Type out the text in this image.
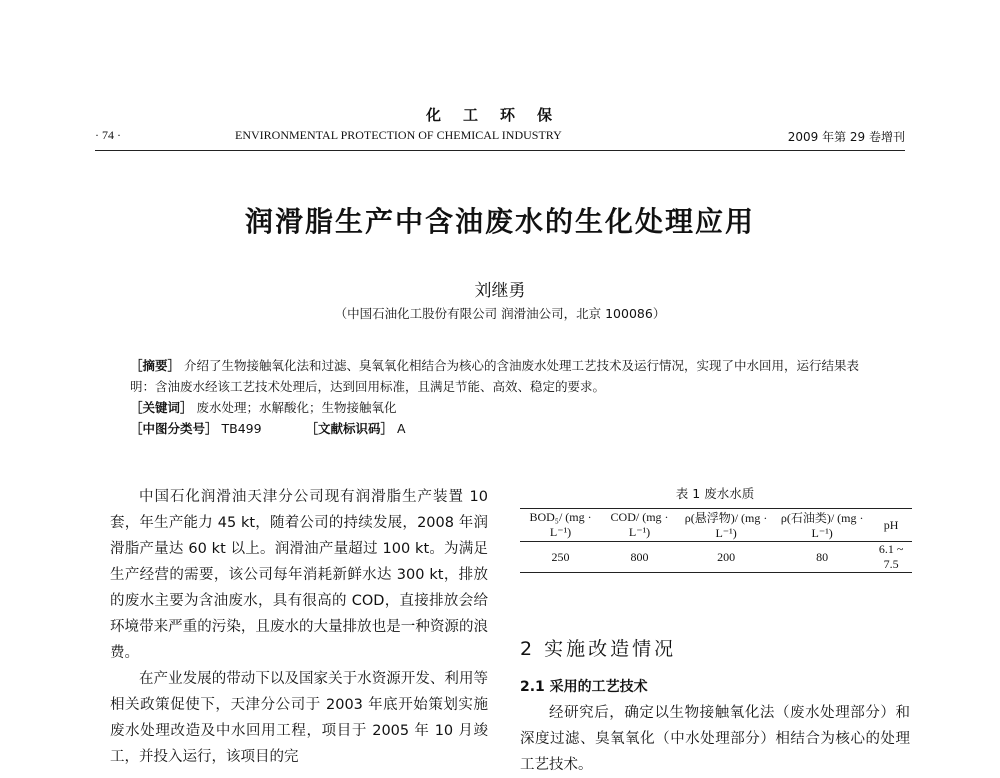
化工环保
· 74 ·	ENVIRONMENTAL PROTECTION OF CHEMICAL INDUSTRY	2009 年第 29 卷增刊
润滑脂生产中含油废水的生化处理应用
刘继勇
（中国石油化工股份有限公司 润滑油公司，北京 100086）
［摘要］ 介绍了生物接触氧化法和过滤、臭氧氧化相结合为核心的含油废水处理工艺技术及运行情况，实现了中水回用，运行结果表明：含油废水经该工艺技术处理后，达到回用标准，且满足节能、高效、稳定的要求。
［关键词］ 废水处理；水解酸化；生物接触氧化
［中图分类号］ TB499	［文献标识码］ A

中国石化润滑油天津分公司现有润滑脂生产装置 10 套，年生产能力 45 kt，随着公司的持续发展，2008 年润滑脂产量达 60 kt 以上。润滑油产量超过 100 kt。为满足生产经营的需要，该公司每年消耗新鲜水达 300 kt，排放的废水主要为含油废水，具有很高的 COD，直接排放会给环境带来严重的污染，且废水的大量排放也是一种资源的浪费。

在产业发展的带动下以及国家关于水资源开发、利用等相关政策促使下，天津分公司于 2003 年底开始策划实施废水处理改造及中水回用工程，项目于 2005 年 10 月竣工，并投入运行，该项目的完

表 1 废水水质
BOD₅/ (mg · L⁻¹)	COD/ (mg · L⁻¹)	ρ(悬浮物)/ (mg · L⁻¹)	ρ(石油类)/ (mg · L⁻¹)	pH
250	800	200	80	6.1 ~ 7.5
2 实施改造情况
2.1 采用的工艺技术
经研究后，确定以生物接触氧化法（废水处理部分）和深度过滤、臭氧氧化（中水处理部分）相结合为核心的处理工艺技术。
